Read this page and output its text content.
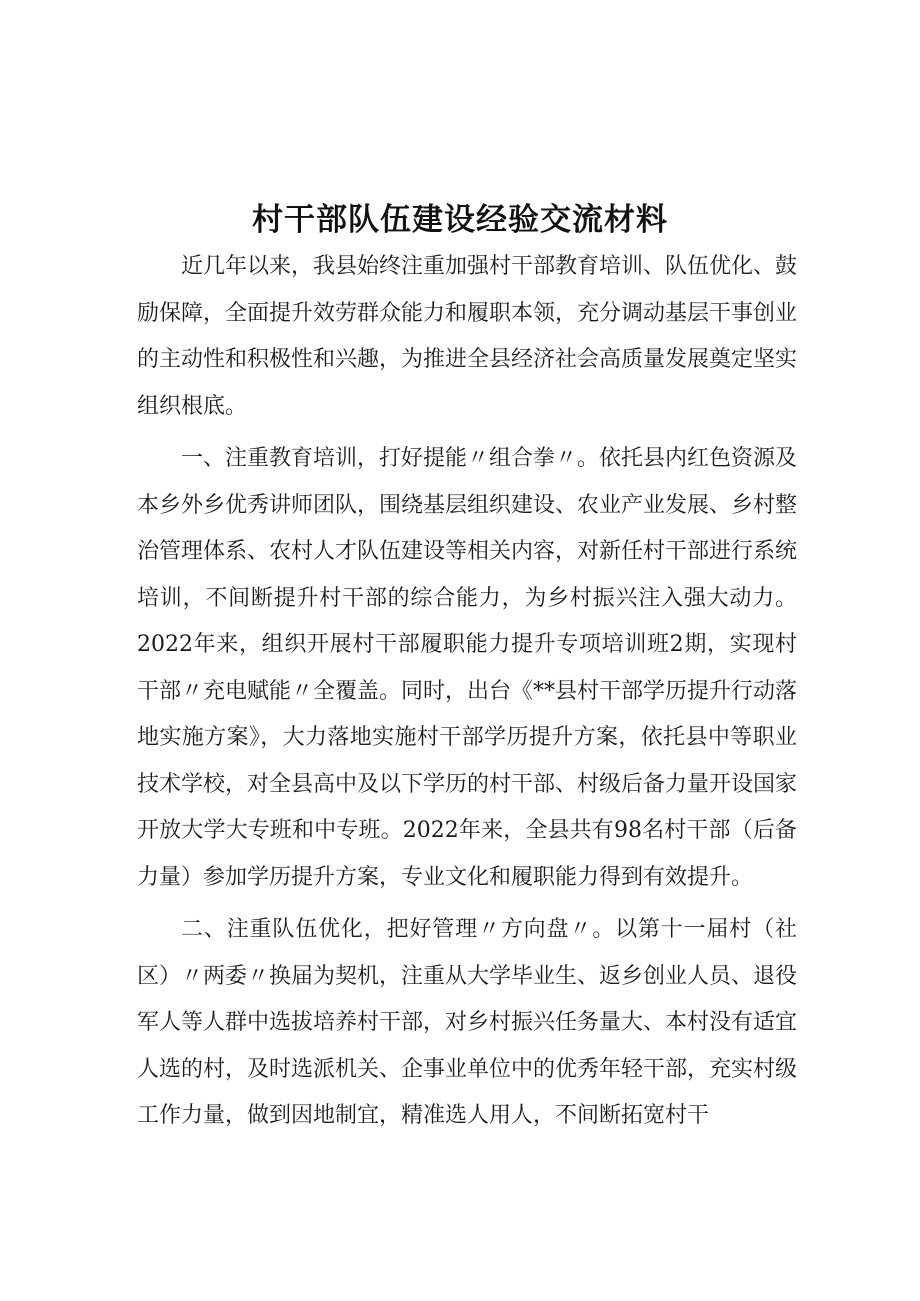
村干部队伍建设经验交流材料

近几年以来，我县始终注重加强村干部教育培训、队伍优化、鼓励保障，全面提升效劳群众能力和履职本领，充分调动基层干事创业的主动性和积极性和兴趣，为推进全县经济社会高质量发展奠定坚实组织根底。

一、注重教育培训，打好提能〃组合拳〃。依托县内红色资源及本乡外乡优秀讲师团队，围绕基层组织建设、农业产业发展、乡村整治管理体系、农村人才队伍建设等相关内容，对新任村干部进行系统培训，不间断提升村干部的综合能力，为乡村振兴注入强大动力。2022年来，组织开展村干部履职能力提升专项培训班2期，实现村干部〃充电赋能〃全覆盖。同时，出台《**县村干部学历提升行动落地实施方案》，大力落地实施村干部学历提升方案，依托县中等职业技术学校，对全县高中及以下学历的村干部、村级后备力量开设国家开放大学大专班和中专班。2022年来，全县共有98名村干部（后备力量）参加学历提升方案，专业文化和履职能力得到有效提升。

二、注重队伍优化，把好管理〃方向盘〃。以第十一届村（社区）〃两委〃换届为契机，注重从大学毕业生、返乡创业人员、退役军人等人群中选拔培养村干部，对乡村振兴任务量大、本村没有适宜人选的村，及时选派机关、企事业单位中的优秀年轻干部，充实村级工作力量，做到因地制宜，精准选人用人，不间断拓宽村干
